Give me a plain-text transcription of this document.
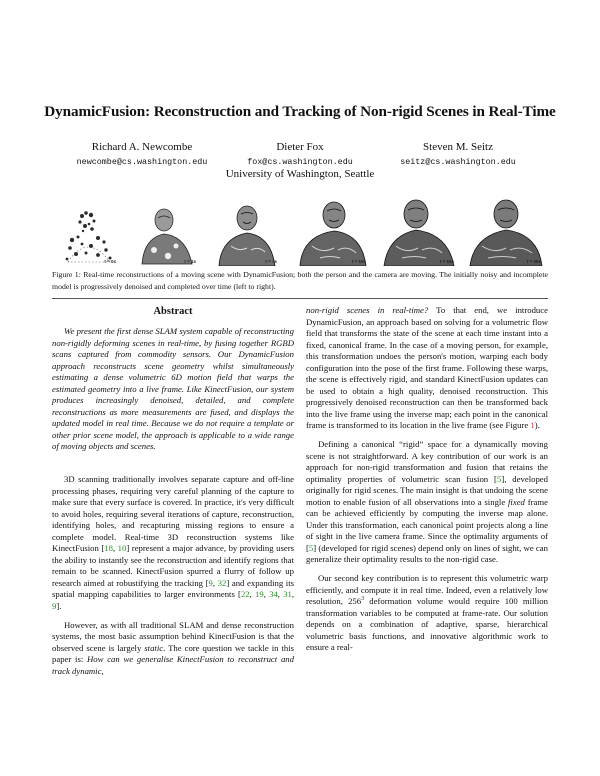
DynamicFusion: Reconstruction and Tracking of Non-rigid Scenes in Real-Time
Richard A. Newcombe
newcombe@cs.washington.edu
Dieter Fox
fox@cs.washington.edu
Steven M. Seitz
seitz@cs.washington.edu
University of Washington, Seattle
t = 0s	t = 1s	t = 7s	t = 10s	t = 15s	t = 20s
Figure 1: Real-time reconstructions of a moving scene with DynamicFusion; both the person and the camera are moving. The initially noisy and incomplete model is progressively denoised and completed over time (left to right).
Abstract

We present the first dense SLAM system capable of reconstructing non-rigidly deforming scenes in real-time, by fusing together RGBD scans captured from commodity sensors. Our DynamicFusion approach reconstructs scene geometry whilst simultaneously estimating a dense volumetric 6D motion field that warps the estimated geometry into a live frame. Like KinectFusion, our system produces increasingly denoised, detailed, and complete reconstructions as more measurements are fused, and displays the updated model in real time. Because we do not require a template or other prior scene model, the approach is applicable to a wide range of moving objects and scenes.

3D scanning traditionally involves separate capture and off-line processing phases, requiring very careful planning of the capture to make sure that every surface is covered. In practice, it's very difficult to avoid holes, requiring several iterations of capture, reconstruction, identifying holes, and recapturing missing regions to ensure a complete model. Real-time 3D reconstruction systems like KinectFusion [18, 10] represent a major advance, by providing users the ability to instantly see the reconstruction and identify regions that remain to be scanned. KinectFusion spurred a flurry of follow up research aimed at robustifying the tracking [9, 32] and expanding its spatial mapping capabilities to larger environments [22, 19, 34, 31, 9].

However, as with all traditional SLAM and dense reconstruction systems, the most basic assumption behind KinectFusion is that the observed scene is largely static. The core question we tackle in this paper is: How can we generalise KinectFusion to reconstruct and track dynamic,

non-rigid scenes in real-time? To that end, we introduce DynamicFusion, an approach based on solving for a volumetric flow field that transforms the state of the scene at each time instant into a fixed, canonical frame. In the case of a moving person, for example, this transformation undoes the person's motion, warping each body configuration into the pose of the first frame. Following these warps, the scene is effectively rigid, and standard KinectFusion updates can be used to obtain a high quality, denoised reconstruction. This progressively denoised reconstruction can then be transformed back into the live frame using the inverse map; each point in the canonical frame is transformed to its location in the live frame (see Figure 1).

Defining a canonical “rigid” space for a dynamically moving scene is not straightforward. A key contribution of our work is an approach for non-rigid transformation and fusion that retains the optimality properties of volumetric scan fusion [5], developed originally for rigid scenes. The main insight is that undoing the scene motion to enable fusion of all observations into a single fixed frame can be achieved efficiently by computing the inverse map alone. Under this transformation, each canonical point projects along a line of sight in the live camera frame. Since the optimality arguments of [5] (developed for rigid scenes) depend only on lines of sight, we can generalize their optimality results to the non-rigid case.

Our second key contribution is to represent this volumetric warp efficiently, and compute it in real time. Indeed, even a relatively low resolution, $256^3$ deformation volume would require 100 million transformation variables to be computed at frame-rate. Our solution depends on a combination of adaptive, sparse, hierarchical volumetric basis functions, and innovative algorithmic work to ensure a real-
